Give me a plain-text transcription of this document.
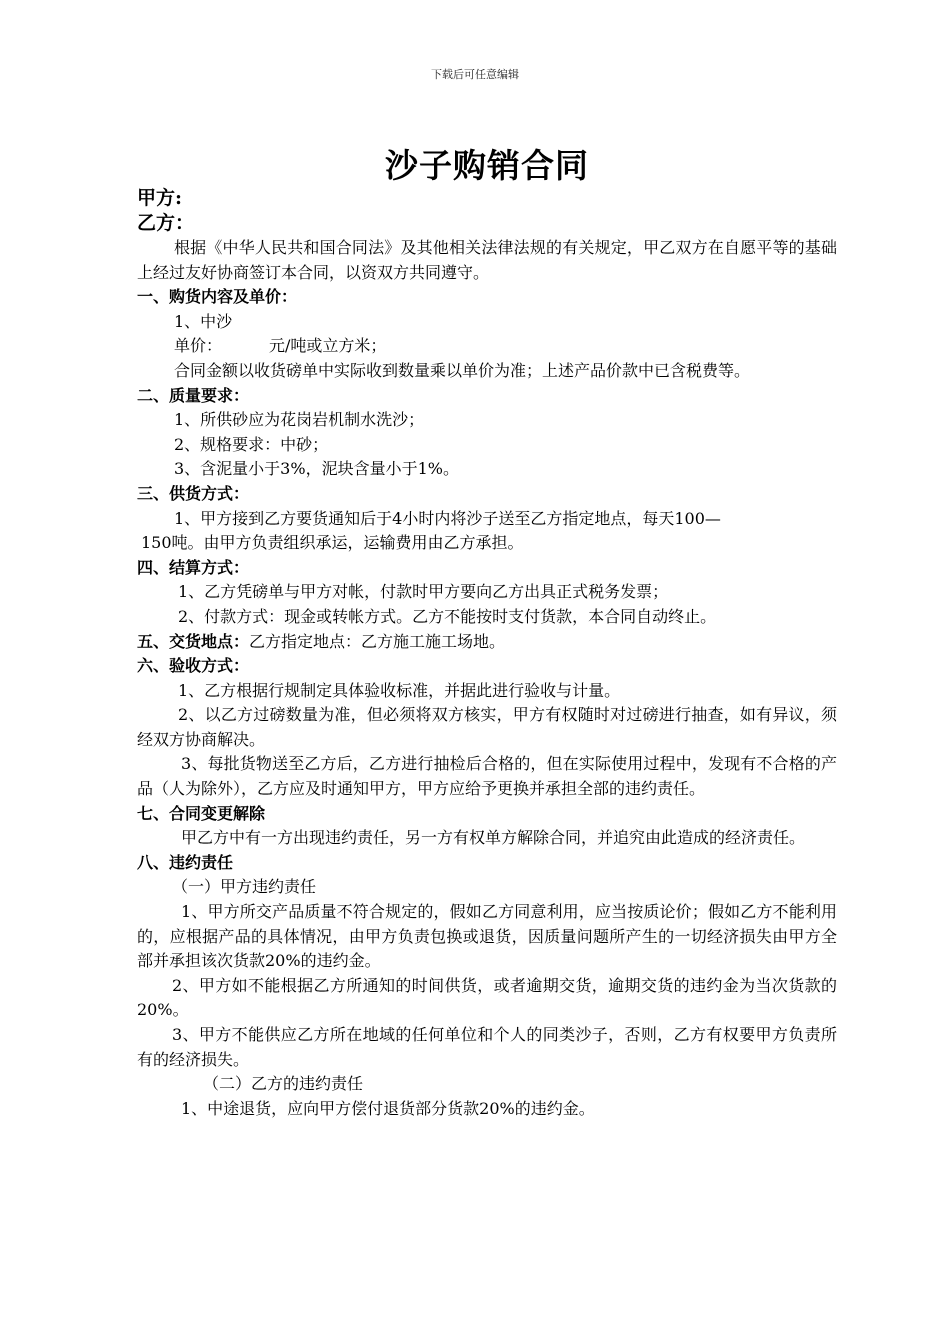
下载后可任意编辑
沙子购销合同
甲方:
乙方：
根据《中华人民共和国合同法》及其他相关法律法规的有关规定，甲乙双方在自愿平等的基础上经过友好协商签订本合同，以资双方共同遵守。
一、购货内容及单价：
1、中沙
单价：	元/吨或立方米；
合同金额以收货磅单中实际收到数量乘以单价为准；上述产品价款中已含税费等。
二、质量要求：
1、所供砂应为花岗岩机制水洗沙；
2、规格要求：中砂；
3、含泥量小于3%，泥块含量小于1%。
三、供货方式：
1、甲方接到乙方要货通知后于4小时内将沙子送至乙方指定地点，每天100—
150吨。由甲方负责组织承运，运输费用由乙方承担。
四、结算方式：
1、乙方凭磅单与甲方对帐，付款时甲方要向乙方出具正式税务发票；
2、付款方式：现金或转帐方式。乙方不能按时支付货款，本合同自动终止。
五、交货地点：乙方指定地点：乙方施工施工场地。
六、验收方式：
1、乙方根据行规制定具体验收标准，并据此进行验收与计量。
2、以乙方过磅数量为准，但必须将双方核实，甲方有权随时对过磅进行抽查，如有异议，须经双方协商解决。
3、每批货物送至乙方后，乙方进行抽检后合格的，但在实际使用过程中，发现有不合格的产品（人为除外），乙方应及时通知甲方，甲方应给予更换并承担全部的违约责任。
七、合同变更解除
甲乙方中有一方出现违约责任，另一方有权单方解除合同，并追究由此造成的经济责任。
八、违约责任
（一）甲方违约责任
1、甲方所交产品质量不符合规定的，假如乙方同意利用，应当按质论价；假如乙方不能利用的，应根据产品的具体情况，由甲方负责包换或退货，因质量问题所产生的一切经济损失由甲方全部并承担该次货款20%的违约金。
2、甲方如不能根据乙方所通知的时间供货，或者逾期交货，逾期交货的违约金为当次货款的20%。
3、甲方不能供应乙方所在地域的任何单位和个人的同类沙子，否则，乙方有权要甲方负责所有的经济损失。
（二）乙方的违约责任
1、中途退货，应向甲方偿付退货部分货款20%的违约金。
